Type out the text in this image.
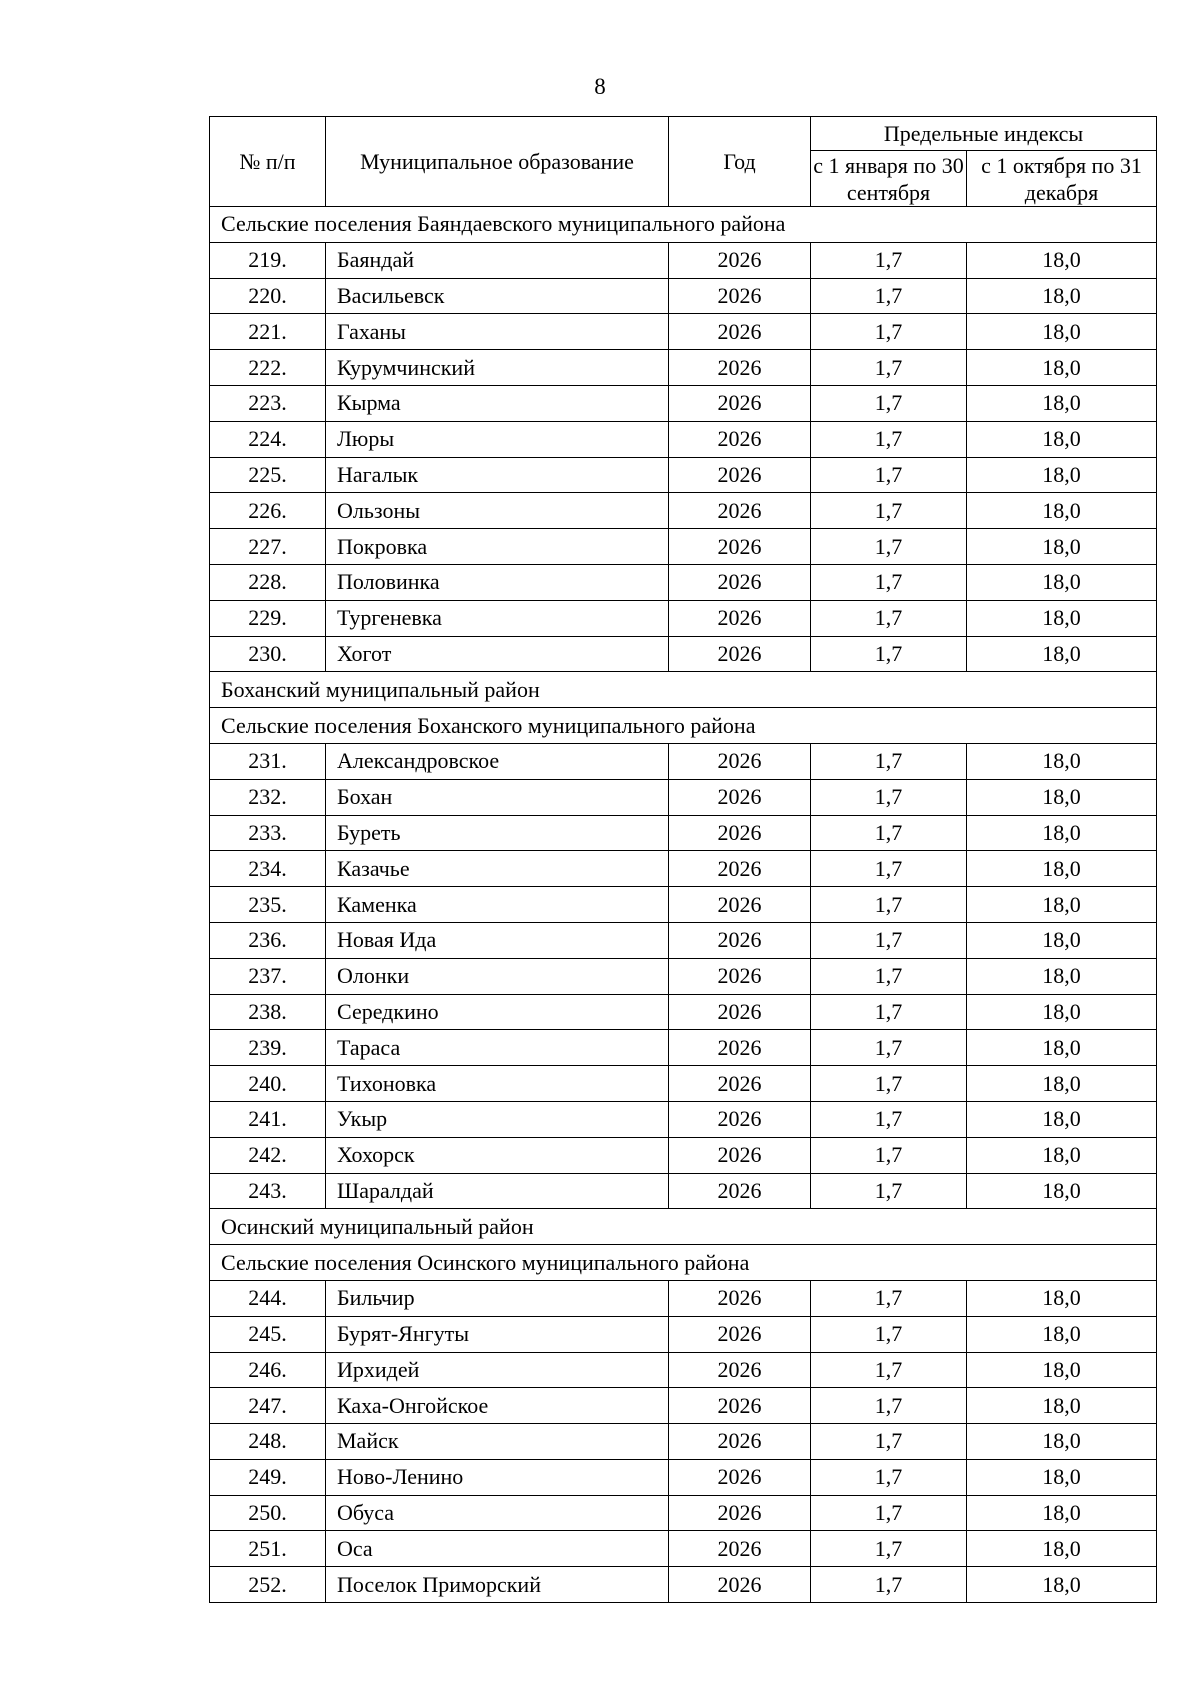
8
№ п/п	Муниципальное образование	Год	Предельные индексы	
			с 1 января по 30 сентября	с 1 октября по 31 декабря
Сельские поселения Баяндаевского муниципального района				
219.	Баяндай	2026	1,7	18,0
220.	Васильевск	2026	1,7	18,0
221.	Гаханы	2026	1,7	18,0
222.	Курумчинский	2026	1,7	18,0
223.	Кырма	2026	1,7	18,0
224.	Люры	2026	1,7	18,0
225.	Нагалык	2026	1,7	18,0
226.	Ользоны	2026	1,7	18,0
227.	Покровка	2026	1,7	18,0
228.	Половинка	2026	1,7	18,0
229.	Тургеневка	2026	1,7	18,0
230.	Хогот	2026	1,7	18,0
Боханский муниципальный район				
Сельские поселения Боханского муниципального района				
231.	Александровское	2026	1,7	18,0
232.	Бохан	2026	1,7	18,0
233.	Буреть	2026	1,7	18,0
234.	Казачье	2026	1,7	18,0
235.	Каменка	2026	1,7	18,0
236.	Новая Ида	2026	1,7	18,0
237.	Олонки	2026	1,7	18,0
238.	Середкино	2026	1,7	18,0
239.	Тараса	2026	1,7	18,0
240.	Тихоновка	2026	1,7	18,0
241.	Укыр	2026	1,7	18,0
242.	Хохорск	2026	1,7	18,0
243.	Шаралдай	2026	1,7	18,0
Осинский муниципальный район				
Сельские поселения Осинского муниципального района				
244.	Бильчир	2026	1,7	18,0
245.	Бурят-Янгуты	2026	1,7	18,0
246.	Ирхидей	2026	1,7	18,0
247.	Каха-Онгойское	2026	1,7	18,0
248.	Майск	2026	1,7	18,0
249.	Ново-Ленино	2026	1,7	18,0
250.	Обуса	2026	1,7	18,0
251.	Оса	2026	1,7	18,0
252.	Поселок Приморский	2026	1,7	18,0
